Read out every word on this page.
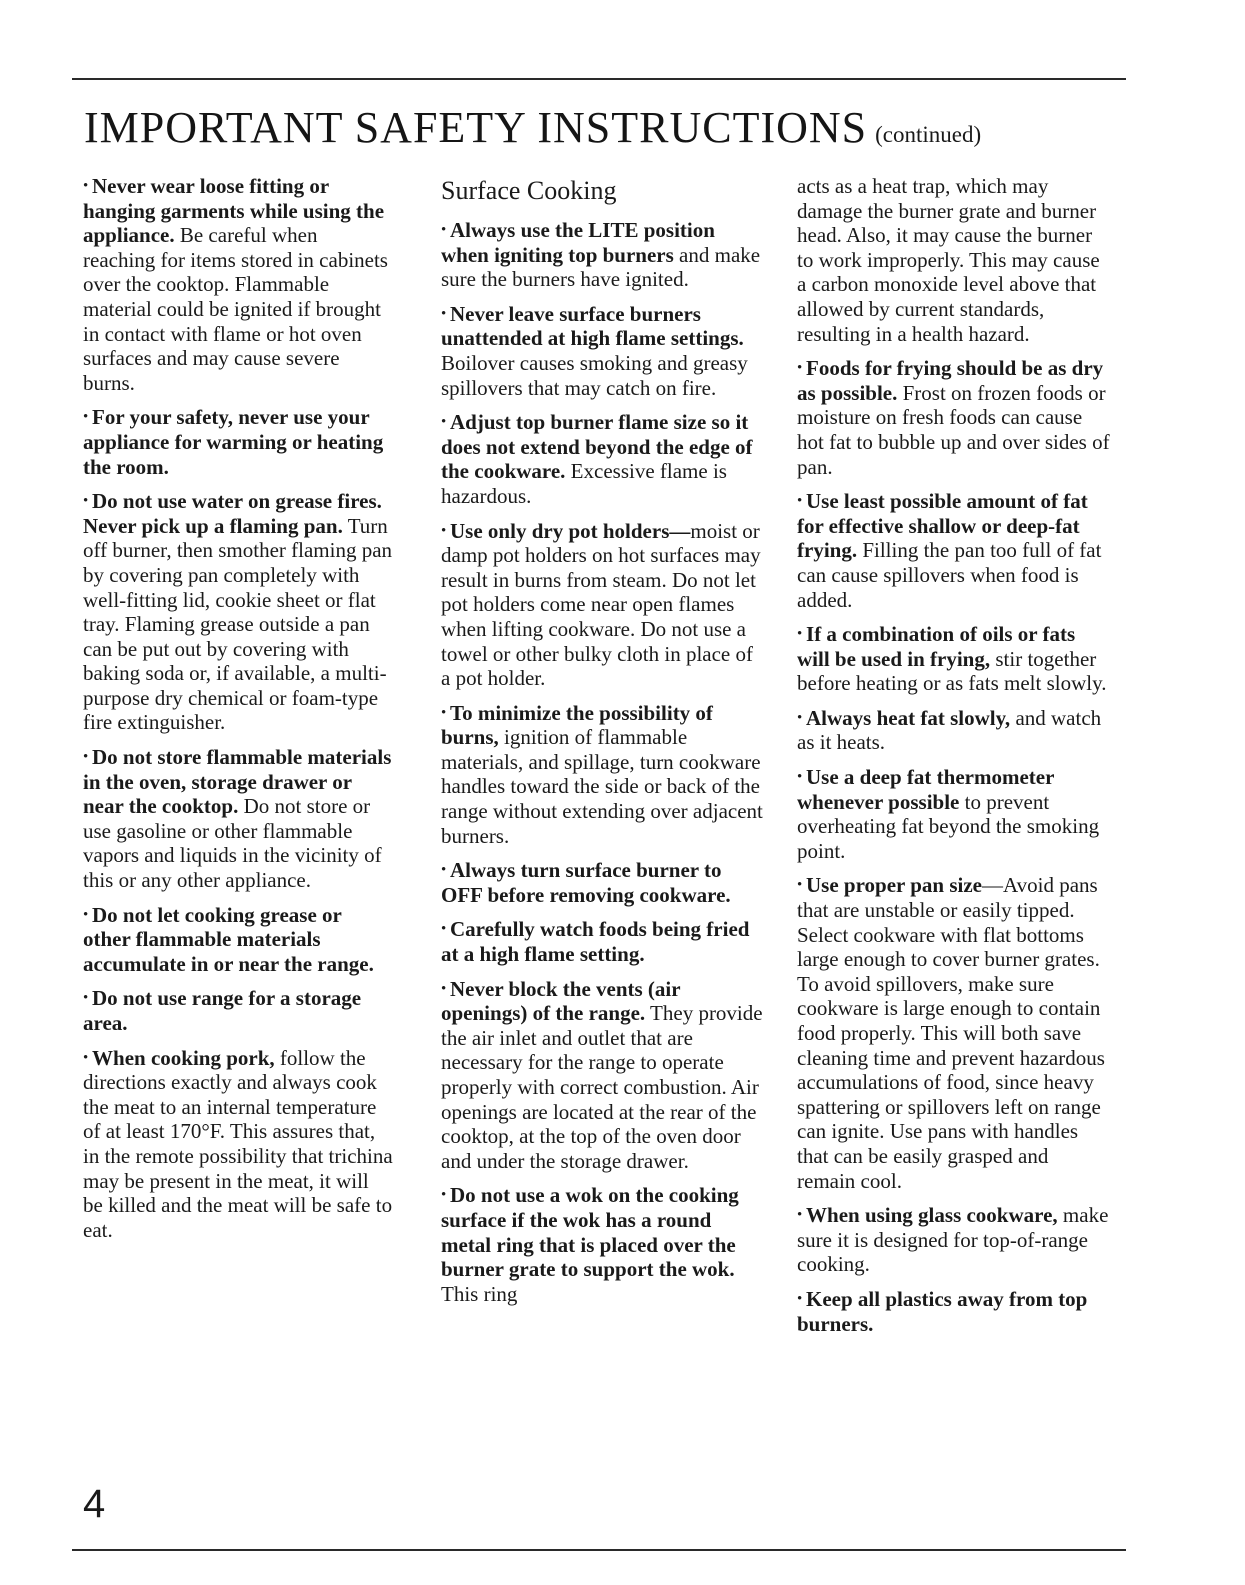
IMPORTANT SAFETY INSTRUCTIONS (continued)

• Never wear loose fitting or hanging garments while using the appliance. Be careful when reaching for items stored in cabinets over the cooktop. Flammable material could be ignited if brought in contact with flame or hot oven surfaces and may cause severe burns.

• For your safety, never use your appliance for warming or heating the room.

• Do not use water on grease fires. Never pick up a flaming pan. Turn off burner, then smother flaming pan by covering pan completely with well-fitting lid, cookie sheet or flat tray. Flaming grease outside a pan can be put out by covering with baking soda or, if available, a multi-purpose dry chemical or foam-type fire extinguisher.

• Do not store flammable materials in the oven, storage drawer or near the cooktop. Do not store or use gasoline or other flammable vapors and liquids in the vicinity of this or any other appliance.

• Do not let cooking grease or other flammable materials accumulate in or near the range.

• Do not use range for a storage area.

• When cooking pork, follow the directions exactly and always cook the meat to an internal temperature of at least 170°F. This assures that, in the remote possibility that trichina may be present in the meat, it will be killed and the meat will be safe to eat.

Surface Cooking

• Always use the LITE position when igniting top burners and make sure the burners have ignited.

• Never leave surface burners unattended at high flame settings. Boilover causes smoking and greasy spillovers that may catch on fire.

• Adjust top burner flame size so it does not extend beyond the edge of the cookware. Excessive flame is hazardous.

• Use only dry pot holders—moist or damp pot holders on hot surfaces may result in burns from steam. Do not let pot holders come near open flames when lifting cookware. Do not use a towel or other bulky cloth in place of a pot holder.

• To minimize the possibility of burns, ignition of flammable materials, and spillage, turn cookware handles toward the side or back of the range without extending over adjacent burners.

• Always turn surface burner to OFF before removing cookware.

• Carefully watch foods being fried at a high flame setting.

• Never block the vents (air openings) of the range. They provide the air inlet and outlet that are necessary for the range to operate properly with correct combustion. Air openings are located at the rear of the cooktop, at the top of the oven door and under the storage drawer.

• Do not use a wok on the cooking surface if the wok has a round metal ring that is placed over the burner grate to support the wok. This ring

acts as a heat trap, which may damage the burner grate and burner head. Also, it may cause the burner to work improperly. This may cause a carbon monoxide level above that allowed by current standards, resulting in a health hazard.

• Foods for frying should be as dry as possible. Frost on frozen foods or moisture on fresh foods can cause hot fat to bubble up and over sides of pan.

• Use least possible amount of fat for effective shallow or deep-fat frying. Filling the pan too full of fat can cause spillovers when food is added.

• If a combination of oils or fats will be used in frying, stir together before heating or as fats melt slowly.

• Always heat fat slowly, and watch as it heats.

• Use a deep fat thermometer whenever possible to prevent overheating fat beyond the smoking point.

• Use proper pan size—Avoid pans that are unstable or easily tipped. Select cookware with flat bottoms large enough to cover burner grates. To avoid spillovers, make sure cookware is large enough to contain food properly. This will both save cleaning time and prevent hazardous accumulations of food, since heavy spattering or spillovers left on range can ignite. Use pans with handles that can be easily grasped and remain cool.

• When using glass cookware, make sure it is designed for top-of-range cooking.

• Keep all plastics away from top burners.

4
